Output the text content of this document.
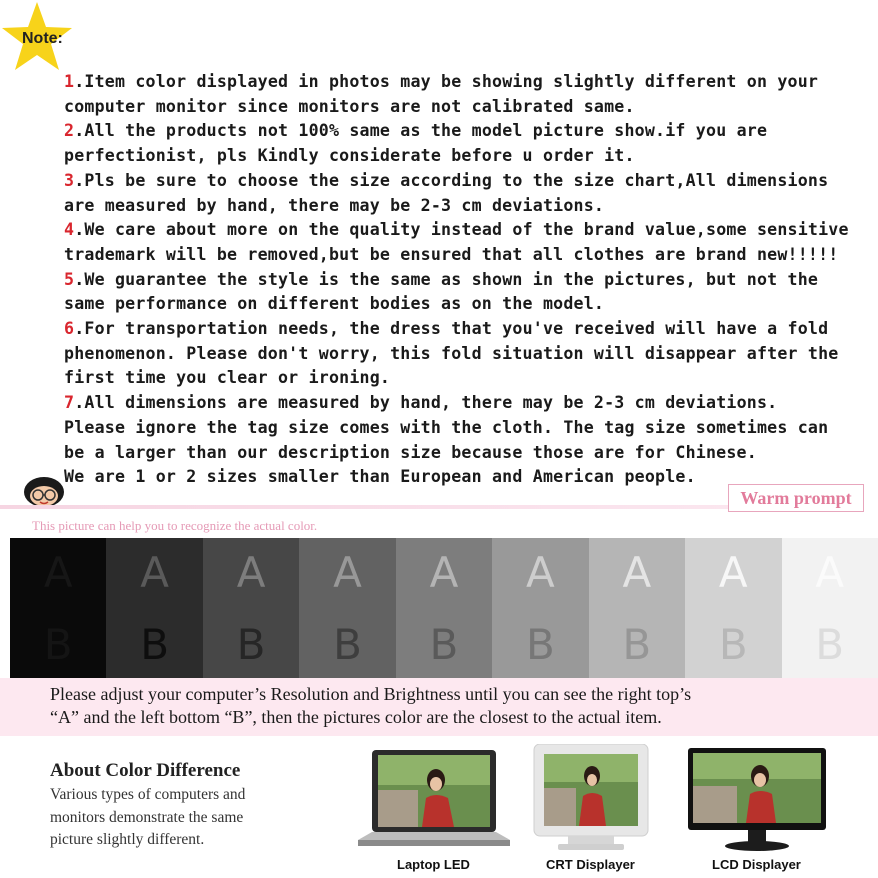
Note:
1.Item color displayed in photos may be showing slightly different on your
computer monitor since monitors are not calibrated same.
2.All the products not 100% same as the model picture show.if you are
perfectionist, pls Kindly considerate before u order it.
3.Pls be sure to choose the size according to the size chart,All dimensions
are measured by hand, there may be 2-3 cm deviations.
4.We care about more on the quality instead of the brand value,some sensitive
trademark will be removed,but be ensured that all clothes are brand new!!!!!
5.We guarantee the style is the same as shown in the pictures, but not the
same performance on different bodies as on the model.
6.For transportation needs, the dress that you've received will have a fold
phenomenon. Please don't worry, this fold situation will disappear after the
first time you clear or ironing.
7.All dimensions are measured by hand, there may be 2-3 cm deviations.
Please ignore the tag size comes with the cloth. The tag size sometimes can
be a larger than our description size because those are for Chinese.
We are 1 or 2 sizes smaller than European and American people.
Warm prompt
This picture can help you to recognize the actual color.
A
B
A
B
A
B
A
B
A
B
A
B
A
B
A
B
A
B
Please adjust your computer’s Resolution and Brightness until you can see the right top’s
“A” and the left bottom “B”, then the pictures color are the closest to the actual item.
About Color Difference
Various types of computers and
monitors demonstrate the same
picture slightly different.
Laptop LED	CRT Displayer	LCD Displayer
